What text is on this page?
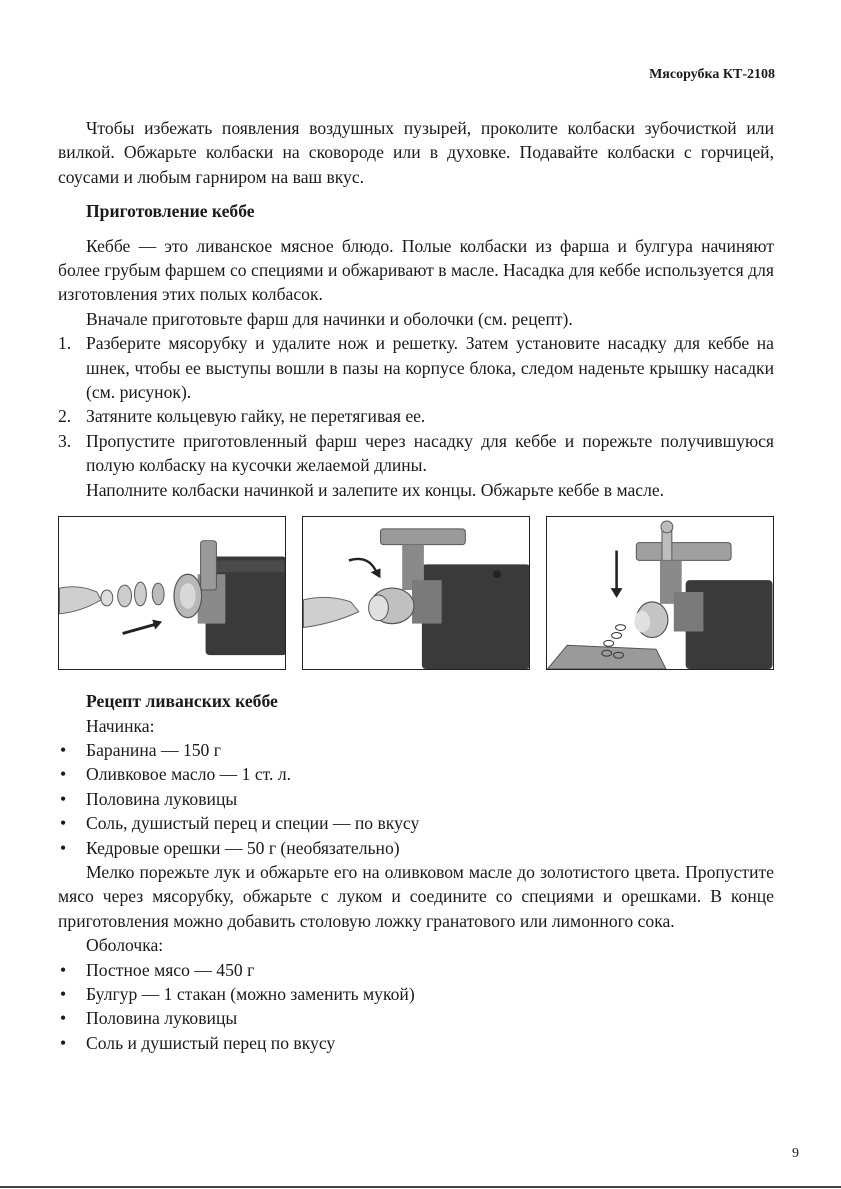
Мясорубка КТ-2108

Чтобы избежать появления воздушных пузырей, проколите колбаски зубочисткой или вилкой. Обжарьте колбаски на сковороде или в духовке. Подавайте колбаски с горчицей, соусами и любым гарниром на ваш вкус.

Приготовление кеббе

Кеббе — это ливанское мясное блюдо. Полые колбаски из фарша и булгура начиняют более грубым фаршем со специями и обжаривают в масле. Насадка для кеббе используется для изготовления этих полых колбасок.

Вначале приготовьте фарш для начинки и оболочки (см. рецепт).

1. Разберите мясорубку и удалите нож и решетку. Затем установите насадку для кеббе на шнек, чтобы ее выступы вошли в пазы на корпусе блока, следом наденьте крышку насадки (см. рисунок).
2. Затяните кольцевую гайку, не перетягивая ее.
3. Пропустите приготовленный фарш через насадку для кеббе и порежьте получившуюся полую колбаску на кусочки желаемой длины.

Наполните колбаски начинкой и залепите их концы. Обжарьте кеббе в масле.

Рецепт ливанских кеббе

Начинка:

• Баранина — 150 г
• Оливковое масло — 1 ст. л.
• Половина луковицы
• Соль, душистый перец и специи — по вкусу
• Кедровые орешки — 50 г (необязательно)

Мелко порежьте лук и обжарьте его на оливковом масле до золотистого цвета. Пропустите мясо через мясорубку, обжарьте с луком и соедините со специями и орешками. В конце приготовления можно добавить столовую ложку гранатового или лимонного сока.

Оболочка:

• Постное мясо — 450 г
• Булгур — 1 стакан (можно заменить мукой)
• Половина луковицы
• Соль и душистый перец по вкусу
9
